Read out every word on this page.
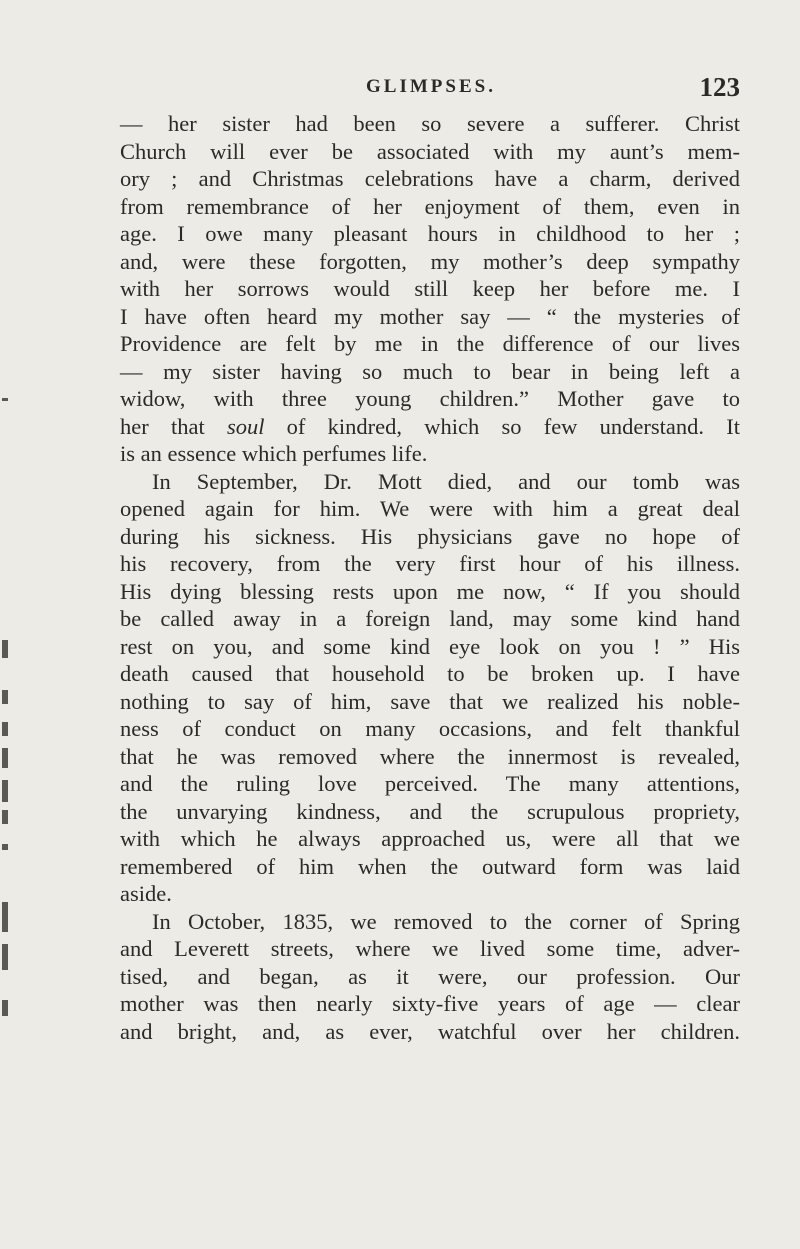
GLIMPSES.	123
— her sister had been so severe a sufferer. Christ
Church will ever be associated with my aunt’s mem-
ory ; and Christmas celebrations have a charm, derived
from remembrance of her enjoyment of them, even in
age. I owe many pleasant hours in childhood to her ;
and, were these forgotten, my mother’s deep sympathy
with her sorrows would still keep her before me. I
I have often heard my mother say — “ the mysteries of
Providence are felt by me in the difference of our lives
— my sister having so much to bear in being left a
widow, with three young children.” Mother gave to
her that soul of kindred, which so few understand. It
is an essence which perfumes life.
In September, Dr. Mott died, and our tomb was
opened again for him. We were with him a great deal
during his sickness. His physicians gave no hope of
his recovery, from the very first hour of his illness.
His dying blessing rests upon me now, “ If you should
be called away in a foreign land, may some kind hand
rest on you, and some kind eye look on you ! ” His
death caused that household to be broken up. I have
nothing to say of him, save that we realized his noble-
ness of conduct on many occasions, and felt thankful
that he was removed where the innermost is revealed,
and the ruling love perceived. The many attentions,
the unvarying kindness, and the scrupulous propriety,
with which he always approached us, were all that we
remembered of him when the outward form was laid
aside.
In October, 1835, we removed to the corner of Spring
and Leverett streets, where we lived some time, adver-
tised, and began, as it were, our profession. Our
mother was then nearly sixty-five years of age — clear
and bright, and, as ever, watchful over her children.
